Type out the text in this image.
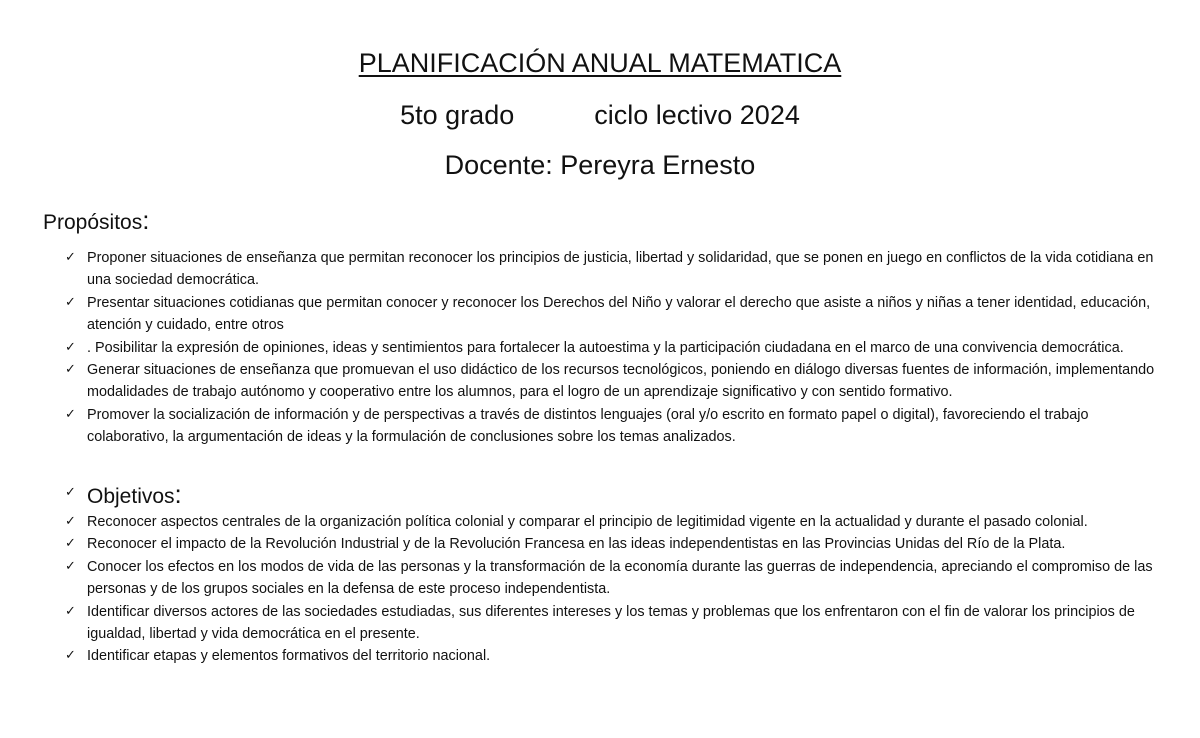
PLANIFICACIÓN ANUAL MATEMATICA
5to grado	ciclo lectivo 2024
Docente: Pereyra Ernesto
Propósitos:
✓ Proponer situaciones de enseñanza que permitan reconocer los principios de justicia, libertad y solidaridad, que se ponen en juego en conflictos de la vida cotidiana en una sociedad democrática.
✓ Presentar situaciones cotidianas que permitan conocer y reconocer los Derechos del Niño y valorar el derecho que asiste a niños y niñas a tener identidad, educación, atención y cuidado, entre otros
✓ . Posibilitar la expresión de opiniones, ideas y sentimientos para fortalecer la autoestima y la participación ciudadana en el marco de una convivencia democrática.
✓ Generar situaciones de enseñanza que promuevan el uso didáctico de los recursos tecnológicos, poniendo en diálogo diversas fuentes de información, implementando modalidades de trabajo autónomo y cooperativo entre los alumnos, para el logro de un aprendizaje significativo y con sentido formativo.
✓ Promover la socialización de información y de perspectivas a través de distintos lenguajes (oral y/o escrito en formato papel o digital), favoreciendo el trabajo colaborativo, la argumentación de ideas y la formulación de conclusiones sobre los temas analizados.
✓ Objetivos:
✓ Reconocer aspectos centrales de la organización política colonial y comparar el principio de legitimidad vigente en la actualidad y durante el pasado colonial.
✓ Reconocer el impacto de la Revolución Industrial y de la Revolución Francesa en las ideas independentistas en las Provincias Unidas del Río de la Plata.
✓ Conocer los efectos en los modos de vida de las personas y la transformación de la economía durante las guerras de independencia, apreciando el compromiso de las personas y de los grupos sociales en la defensa de este proceso independentista.
✓ Identificar diversos actores de las sociedades estudiadas, sus diferentes intereses y los temas y problemas que los enfrentaron con el fin de valorar los principios de igualdad, libertad y vida democrática en el presente.
✓ Identificar etapas y elementos formativos del territorio nacional.
